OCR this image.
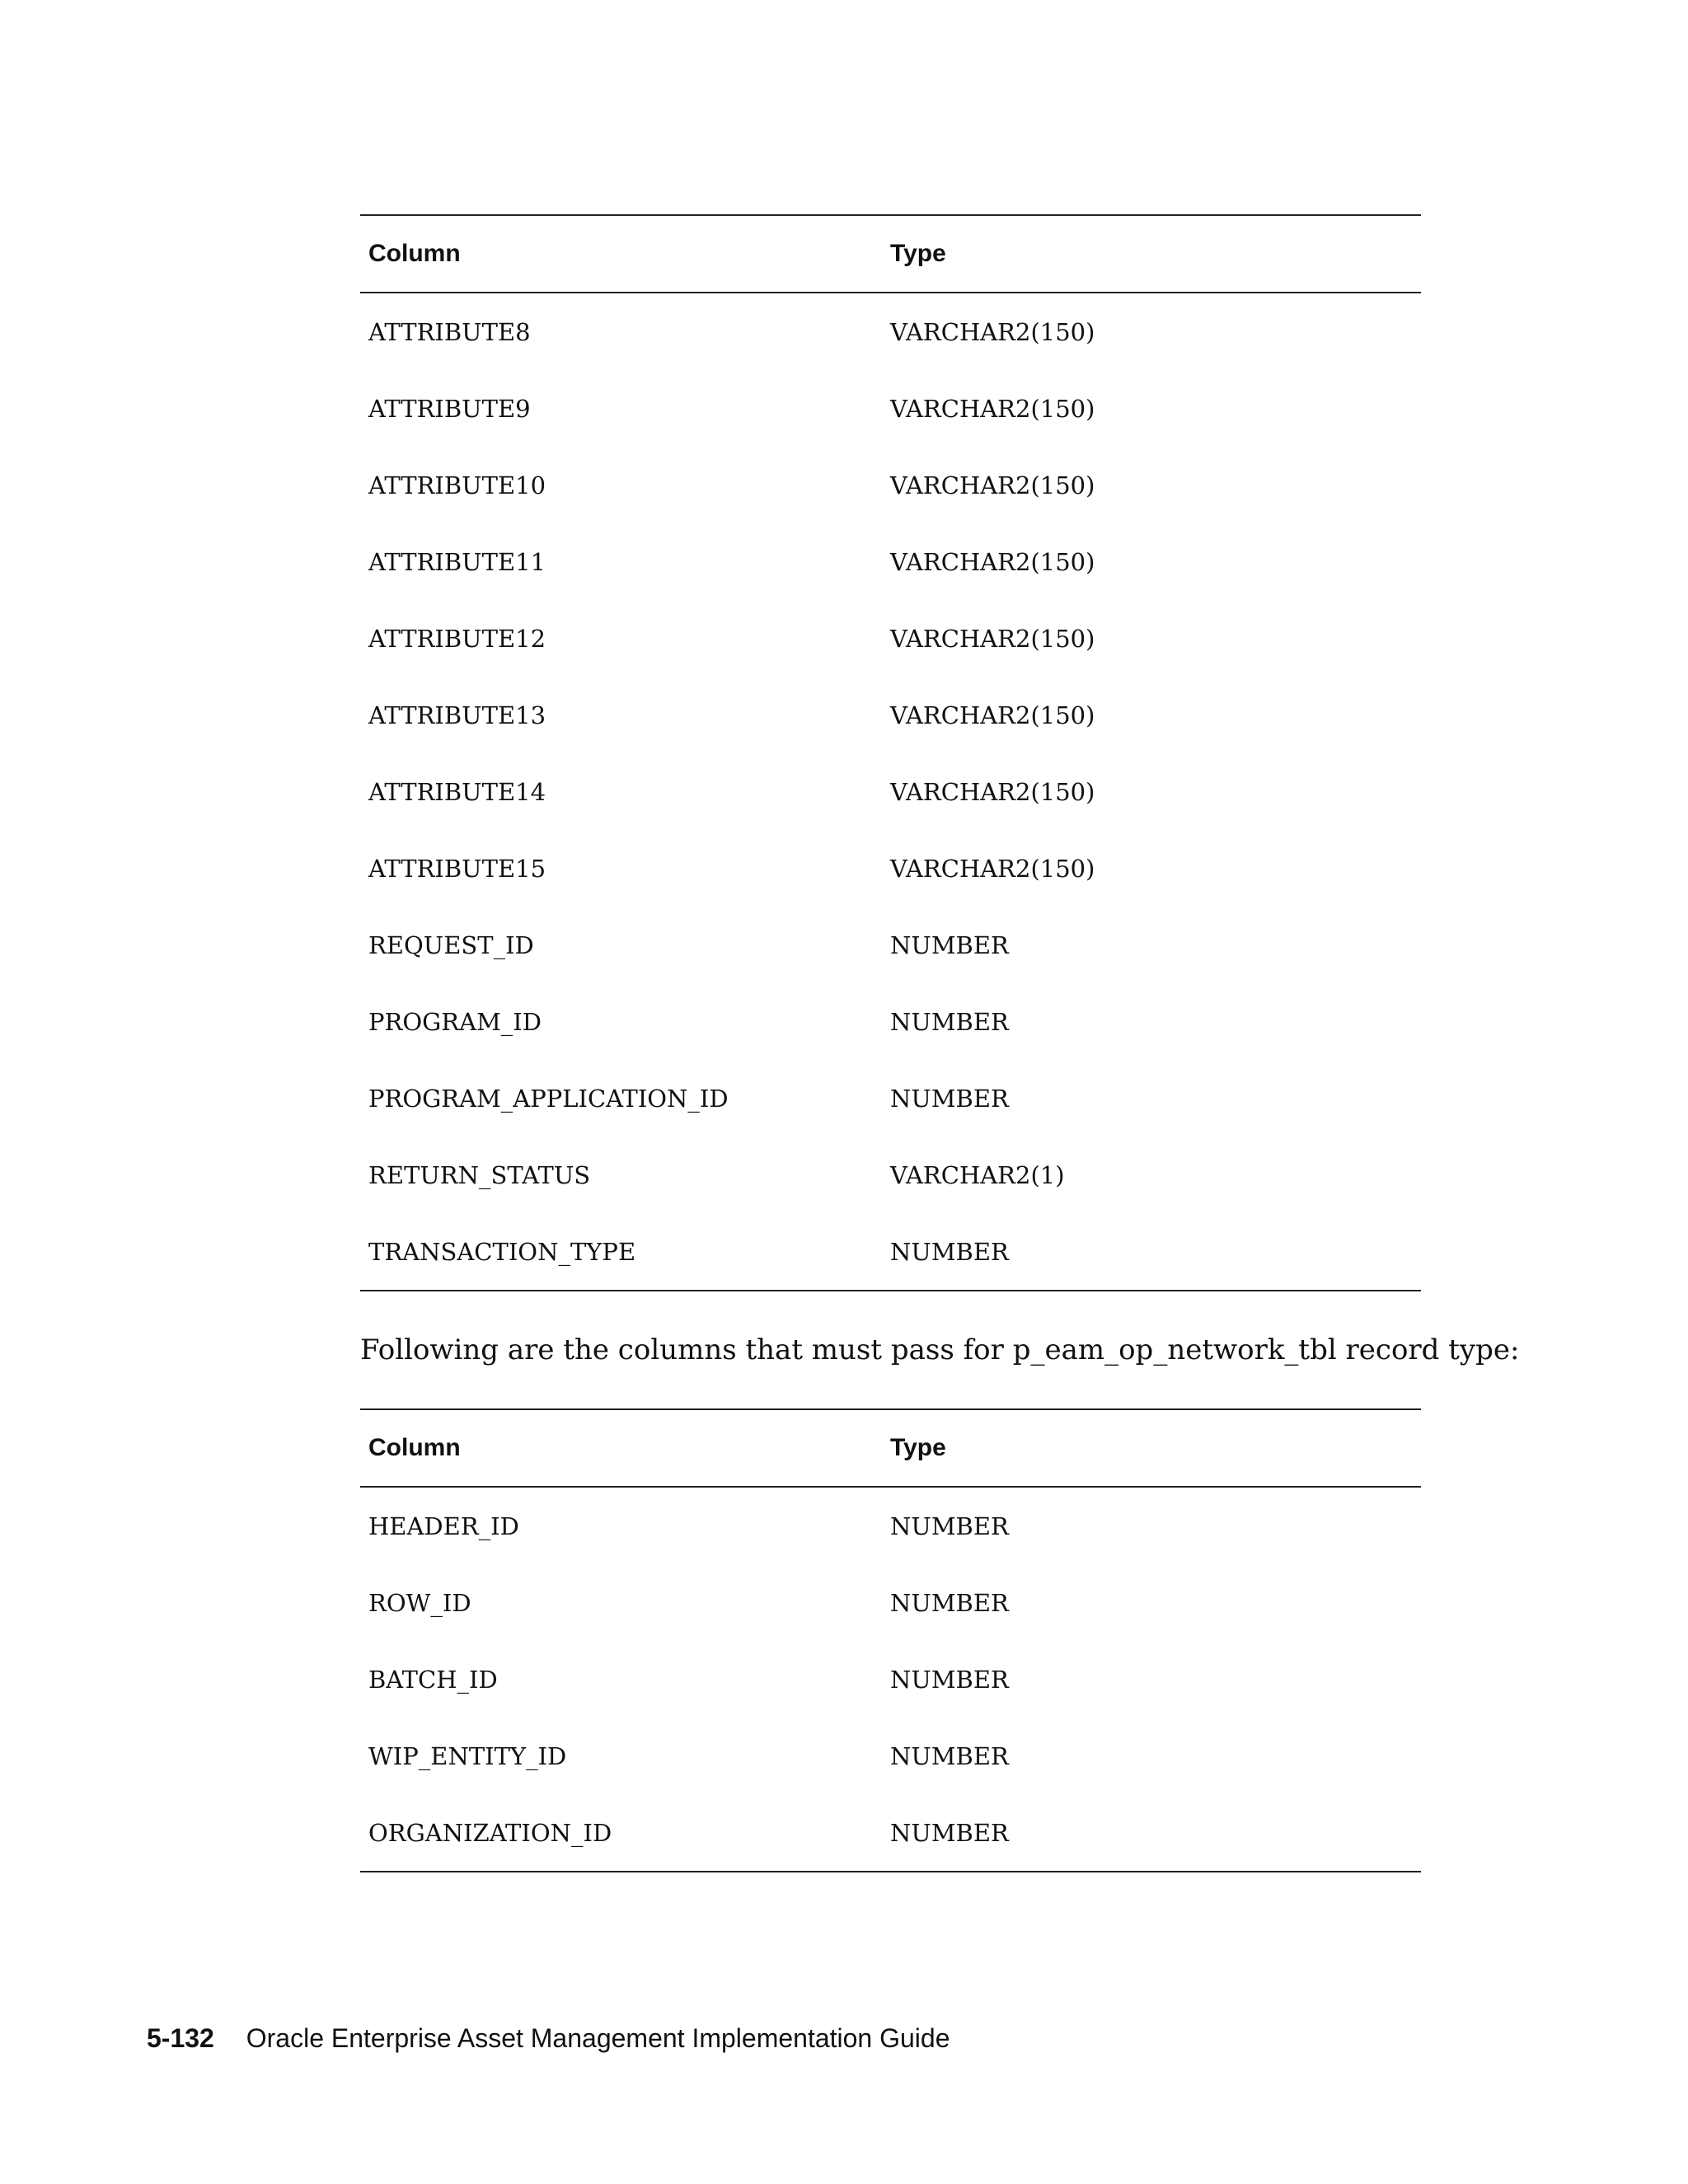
Column	Type
ATTRIBUTE8	VARCHAR2(150)
ATTRIBUTE9	VARCHAR2(150)
ATTRIBUTE10	VARCHAR2(150)
ATTRIBUTE11	VARCHAR2(150)
ATTRIBUTE12	VARCHAR2(150)
ATTRIBUTE13	VARCHAR2(150)
ATTRIBUTE14	VARCHAR2(150)
ATTRIBUTE15	VARCHAR2(150)
REQUEST_ID	NUMBER
PROGRAM_ID	NUMBER
PROGRAM_APPLICATION_ID	NUMBER
RETURN_STATUS	VARCHAR2(1)
TRANSACTION_TYPE	NUMBER
Following are the columns that must pass for p_eam_op_network_tbl record type:
Column	Type
HEADER_ID	NUMBER
ROW_ID	NUMBER
BATCH_ID	NUMBER
WIP_ENTITY_ID	NUMBER
ORGANIZATION_ID	NUMBER
5-132 Oracle Enterprise Asset Management Implementation Guide
